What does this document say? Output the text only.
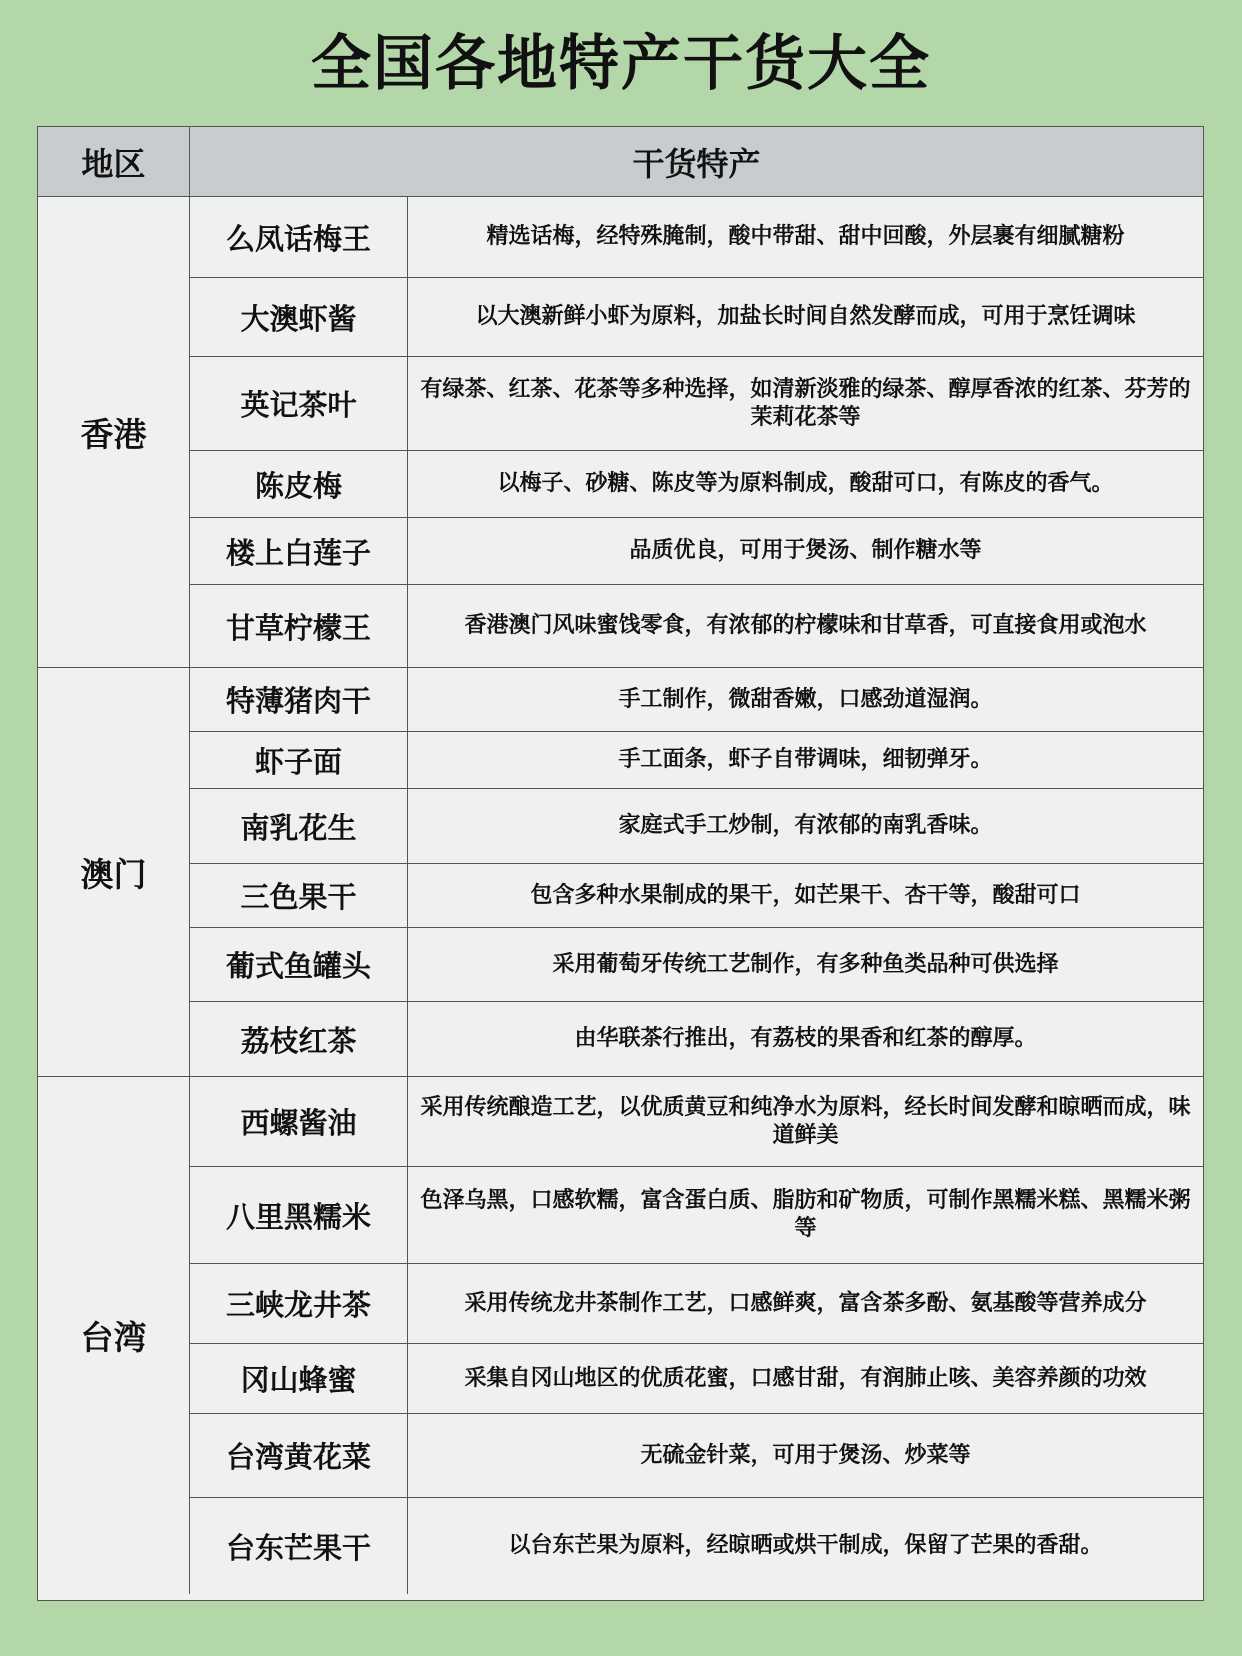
全国各地特产干货大全
地区	干货特产
香港
么凤话梅王	精选话梅，经特殊腌制，酸中带甜、甜中回酸，外层裹有细腻糖粉
大澳虾酱	以大澳新鲜小虾为原料，加盐长时间自然发酵而成，可用于烹饪调味
英记茶叶	有绿茶、红茶、花茶等多种选择，如清新淡雅的绿茶、醇厚香浓的红茶、芬芳的茉莉花茶等
陈皮梅	以梅子、砂糖、陈皮等为原料制成，酸甜可口，有陈皮的香气。
楼上白莲子	品质优良，可用于煲汤、制作糖水等
甘草柠檬王	香港澳门风味蜜饯零食，有浓郁的柠檬味和甘草香，可直接食用或泡水
澳门
特薄猪肉干	手工制作，微甜香嫩，口感劲道湿润。
虾子面	手工面条，虾子自带调味，细韧弹牙。
南乳花生	家庭式手工炒制，有浓郁的南乳香味。
三色果干	包含多种水果制成的果干，如芒果干、杏干等，酸甜可口
葡式鱼罐头	采用葡萄牙传统工艺制作，有多种鱼类品种可供选择
荔枝红茶	由华联茶行推出，有荔枝的果香和红茶的醇厚。
台湾
西螺酱油	采用传统酿造工艺，以优质黄豆和纯净水为原料，经长时间发酵和晾晒而成，味道鲜美
八里黑糯米	色泽乌黑，口感软糯，富含蛋白质、脂肪和矿物质，可制作黑糯米糕、黑糯米粥等
三峡龙井茶	采用传统龙井茶制作工艺，口感鲜爽，富含茶多酚、氨基酸等营养成分
冈山蜂蜜	采集自冈山地区的优质花蜜，口感甘甜，有润肺止咳、美容养颜的功效
台湾黄花菜	无硫金针菜，可用于煲汤、炒菜等
台东芒果干	以台东芒果为原料，经晾晒或烘干制成，保留了芒果的香甜。
